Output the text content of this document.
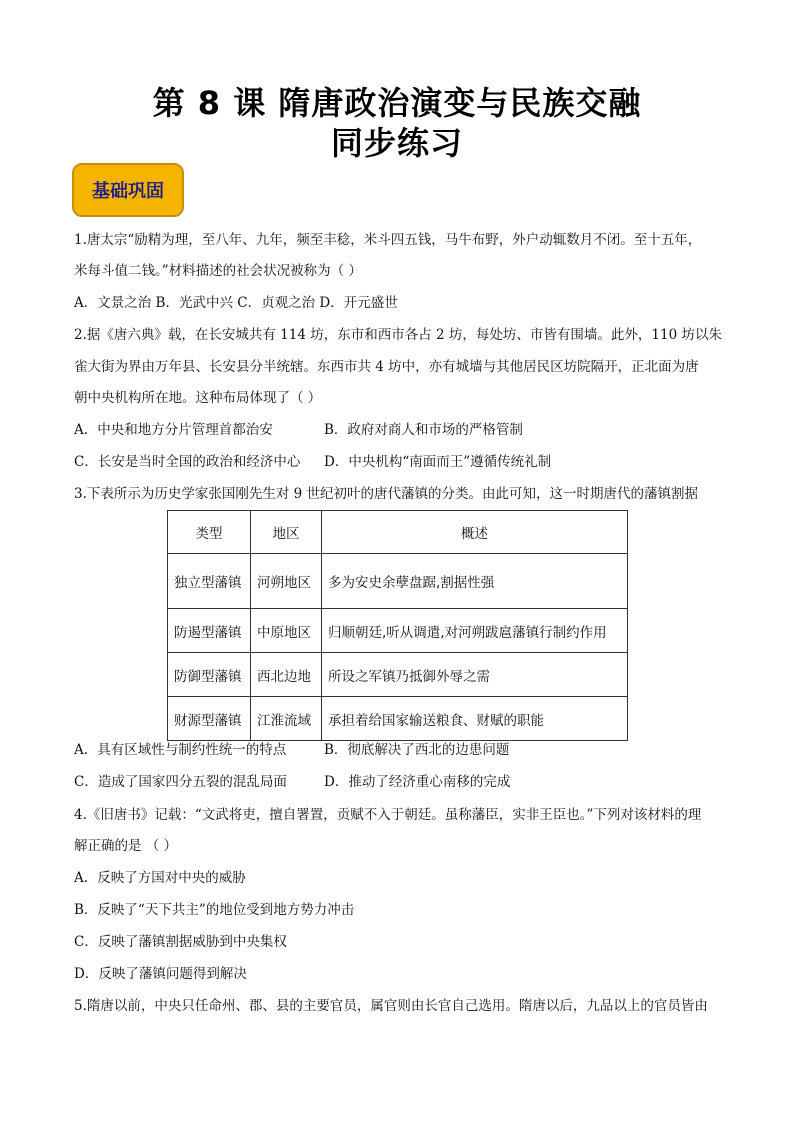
第 8 课 隋唐政治演变与民族交融
同步练习
基础巩固
1.唐太宗“励精为理，至八年、九年，频至丰稔，米斗四五钱，马牛布野，外户动辄数月不闭。至十五年，
米每斗值二钱。”材料描述的社会状况被称为（ ）
A．文景之治 B．光武中兴 C．贞观之治 D．开元盛世
2.据《唐六典》载，在长安城共有 114 坊，东市和西市各占 2 坊，每处坊、市皆有围墙。此外，110 坊以朱
雀大街为界由万年县、长安县分半统辖。东西市共 4 坊中，亦有城墙与其他居民区坊院隔开，正北面为唐
朝中央机构所在地。这种布局体现了（ ）
A．中央和地方分片管理首都治安	B．政府对商人和市场的严格管制
C．长安是当时全国的政治和经济中心	D．中央机构“南面而王”遵循传统礼制
3.下表所示为历史学家张国刚先生对 9 世纪初叶的唐代藩镇的分类。由此可知，这一时期唐代的藩镇割据
类型	地区	概述
独立型藩镇	河朔地区	多为安史余孽盘踞,割据性强
防遏型藩镇	中原地区	归顺朝廷,听从调遣,对河朔跋扈藩镇行制约作用
防御型藩镇	西北边地	所设之军镇乃抵御外辱之需
财源型藩镇	江淮流域	承担着给国家输送粮食、财赋的职能
A．具有区域性与制约性统一的特点	B．彻底解决了西北的边患问题
C．造成了国家四分五裂的混乱局面	D．推动了经济重心南移的完成
4.《旧唐书》记载：“文武将吏，擅自署置，贡赋不入于朝廷。虽称藩臣，实非王臣也。”下列对该材料的理
解正确的是 （ ）
A．反映了方国对中央的威胁
B．反映了“天下共主”的地位受到地方势力冲击
C．反映了藩镇割据威胁到中央集权
D．反映了藩镇问题得到解决
5.隋唐以前，中央只任命州、郡、县的主要官员，属官则由长官自己选用。隋唐以后，九品以上的官员皆由
